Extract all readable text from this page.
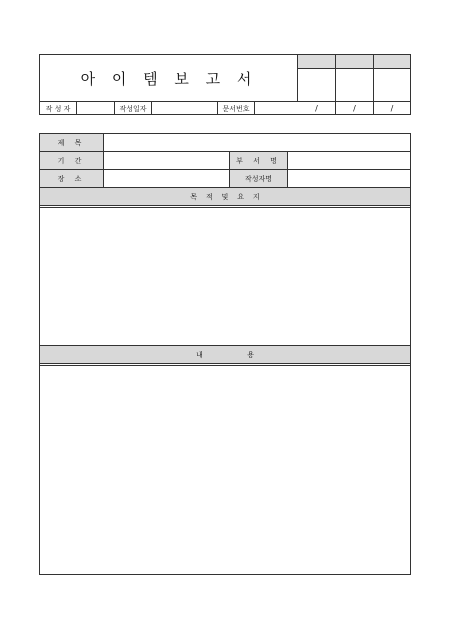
아 이 템 보 고 서
작 성 자	작성일자	문서번호	/	/	/
제 목
기 간	부 서 명
장 소	작성자명
목    적    및    요    지
내                    용
